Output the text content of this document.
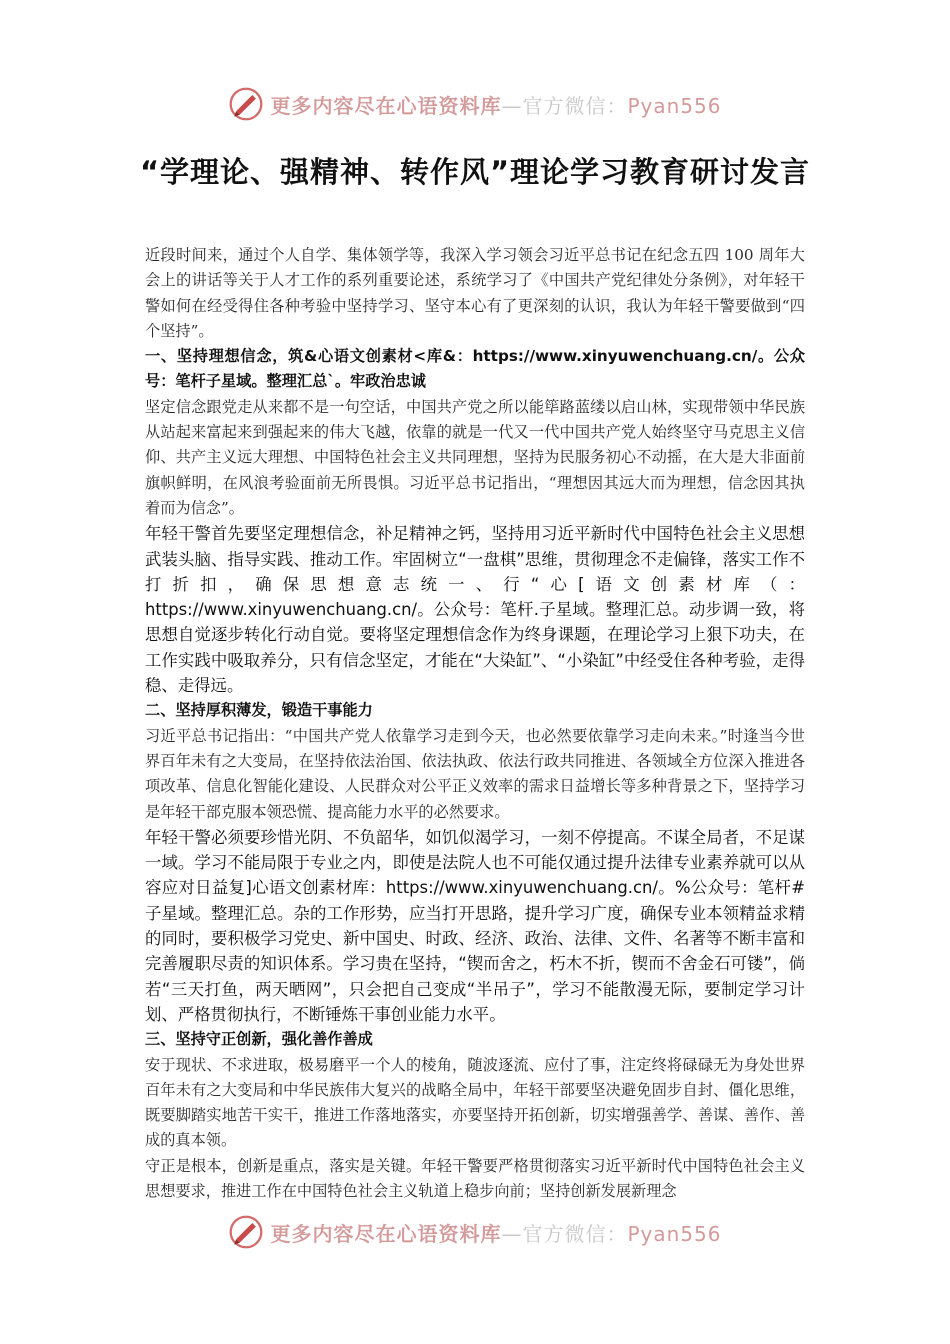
更多内容尽在心语资料库—官方微信：Pyan556
“学理论、强精神、转作风”理论学习教育研讨发言

近段时间来，通过个人自学、集体领学等，我深入学习领会习近平总书记在纪念五四 100 周年大会上的讲话等关于人才工作的系列重要论述，系统学习了《中国共产党纪律处分条例》，对年轻干警如何在经受得住各种考验中坚持学习、坚守本心有了更深刻的认识，我认为年轻干警要做到“四个坚持”。

一、坚持理想信念，筑&心语文创素材<库&：https://www.xinyuwenchuang.cn/。公众号：笔杆子星域。整理汇总`。牢政治忠诚

坚定信念跟党走从来都不是一句空话，中国共产党之所以能筚路蓝缕以启山林，实现带领中华民族从站起来富起来到强起来的伟大飞越，依靠的就是一代又一代中国共产党人始终坚守马克思主义信仰、共产主义远大理想、中国特色社会主义共同理想，坚持为民服务初心不动摇，在大是大非面前旗帜鲜明，在风浪考验面前无所畏惧。习近平总书记指出，“理想因其远大而为理想，信念因其执着而为信念”。

年轻干警首先要坚定理想信念，补足精神之钙，坚持用习近平新时代中国特色社会主义思想武装头脑、指导实践、推动工作。牢固树立“一盘棋”思维，贯彻理念不走偏锋，落实工作不打折扣，确保思想意志统一、行“心[语文创素材库（：https://www.xinyuwenchuang.cn/。公众号：笔杆.子星域。整理汇总。动步调一致，将思想自觉逐步转化行动自觉。要将坚定理想信念作为终身课题，在理论学习上狠下功夫，在工作实践中吸取养分，只有信念坚定，才能在“大染缸”、“小染缸”中经受住各种考验，走得稳、走得远。

二、坚持厚积薄发，锻造干事能力

习近平总书记指出：“中国共产党人依靠学习走到今天，也必然要依靠学习走向未来。”时逢当今世界百年未有之大变局，在坚持依法治国、依法执政、依法行政共同推进、各领域全方位深入推进各项改革、信息化智能化建设、人民群众对公平正义效率的需求日益增长等多种背景之下，坚持学习是年轻干部克服本领恐慌、提高能力水平的必然要求。

年轻干警必须要珍惜光阴、不负韶华，如饥似渴学习，一刻不停提高。不谋全局者，不足谋一域。学习不能局限于专业之内，即使是法院人也不可能仅通过提升法律专业素养就可以从容应对日益复]心语文创素材库：https://www.xinyuwenchuang.cn/。%公众号：笔杆#子星域。整理汇总。杂的工作形势，应当打开思路，提升学习广度，确保专业本领精益求精的同时，要积极学习党史、新中国史、时政、经济、政治、法律、文件、名著等不断丰富和完善履职尽责的知识体系。学习贵在坚持，“锲而舍之，朽木不折，锲而不舍金石可镂”，倘若“三天打鱼，两天晒网”，只会把自己变成“半吊子”，学习不能散漫无际，要制定学习计划、严格贯彻执行，不断锤炼干事创业能力水平。

三、坚持守正创新，强化善作善成

安于现状、不求进取，极易磨平一个人的棱角，随波逐流、应付了事，注定终将碌碌无为身处世界百年未有之大变局和中华民族伟大复兴的战略全局中，年轻干部要坚决避免固步自封、僵化思维，既要脚踏实地苦干实干，推进工作落地落实，亦要坚持开拓创新，切实增强善学、善谋、善作、善成的真本领。

守正是根本，创新是重点，落实是关键。年轻干警要严格贯彻落实习近平新时代中国特色社会主义思想要求，推进工作在中国特色社会主义轨道上稳步向前；坚持创新发展新理念

更多内容尽在心语资料库—官方微信：Pyan556
